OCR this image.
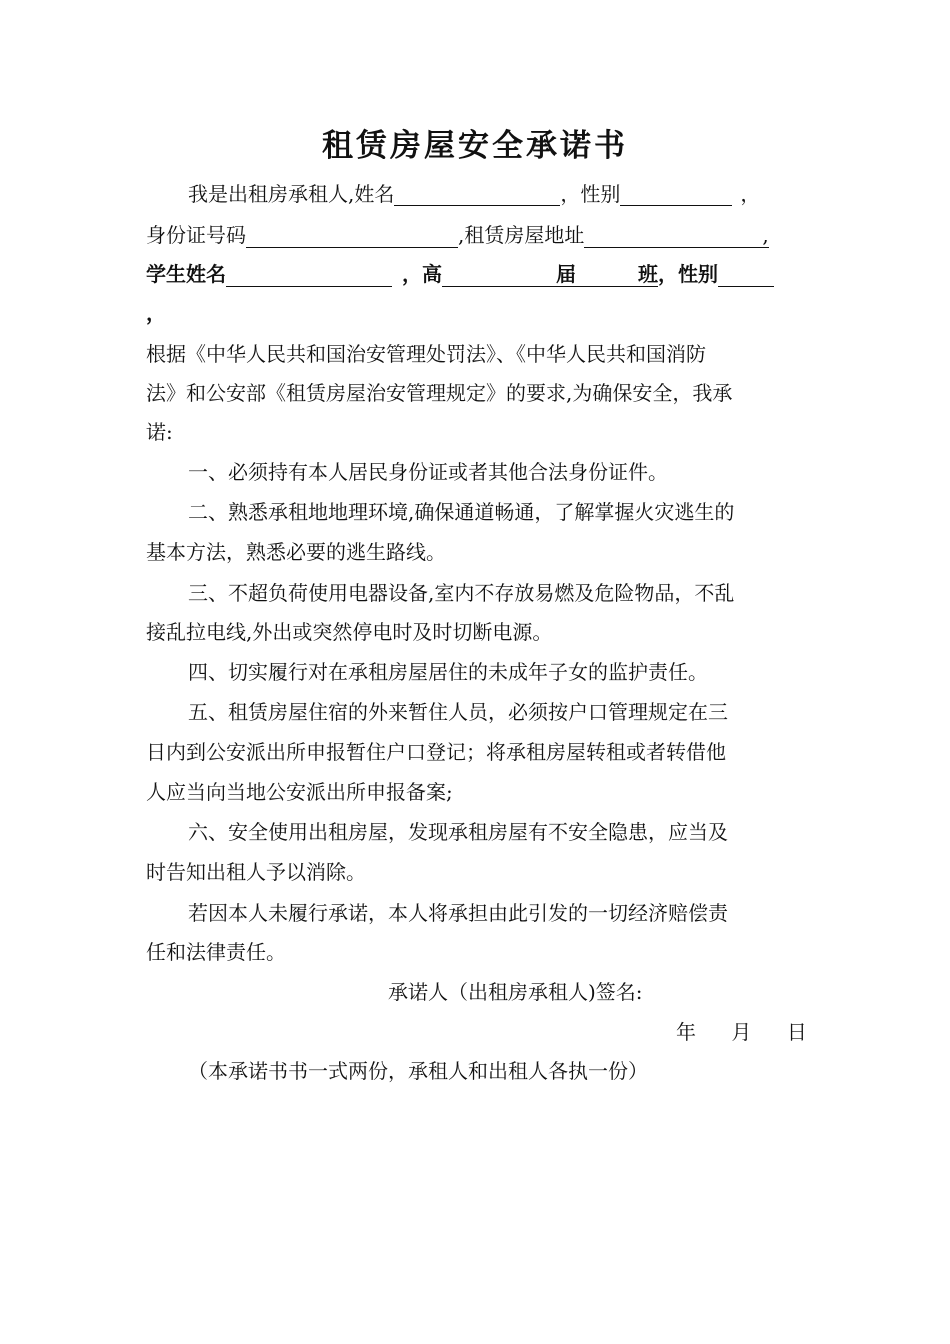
租赁房屋安全承诺书
我是出租房承租人,姓名	，性别	，
身份证号码	,租赁房屋地址	,
学生姓名	，高	届	班，性别
，
根据《中华人民共和国治安管理处罚法》、《中华人民共和国消防
法》和公安部《租赁房屋治安管理规定》的要求,为确保安全，我承
诺:
一、必须持有本人居民身份证或者其他合法身份证件。
二、熟悉承租地地理环境,确保通道畅通，了解掌握火灾逃生的
基本方法，熟悉必要的逃生路线。
三、不超负荷使用电器设备,室内不存放易燃及危险物品，不乱
接乱拉电线,外出或突然停电时及时切断电源。
四、切实履行对在承租房屋居住的未成年子女的监护责任。
五、租赁房屋住宿的外来暂住人员，必须按户口管理规定在三
日内到公安派出所申报暂住户口登记；将承租房屋转租或者转借他
人应当向当地公安派出所申报备案;
六、安全使用出租房屋，发现承租房屋有不安全隐患，应当及
时告知出租人予以消除。
若因本人未履行承诺，本人将承担由此引发的一切经济赔偿责
任和法律责任。
承诺人（出租房承租人)签名:
年    月    日
（本承诺书书一式两份，承租人和出租人各执一份）
